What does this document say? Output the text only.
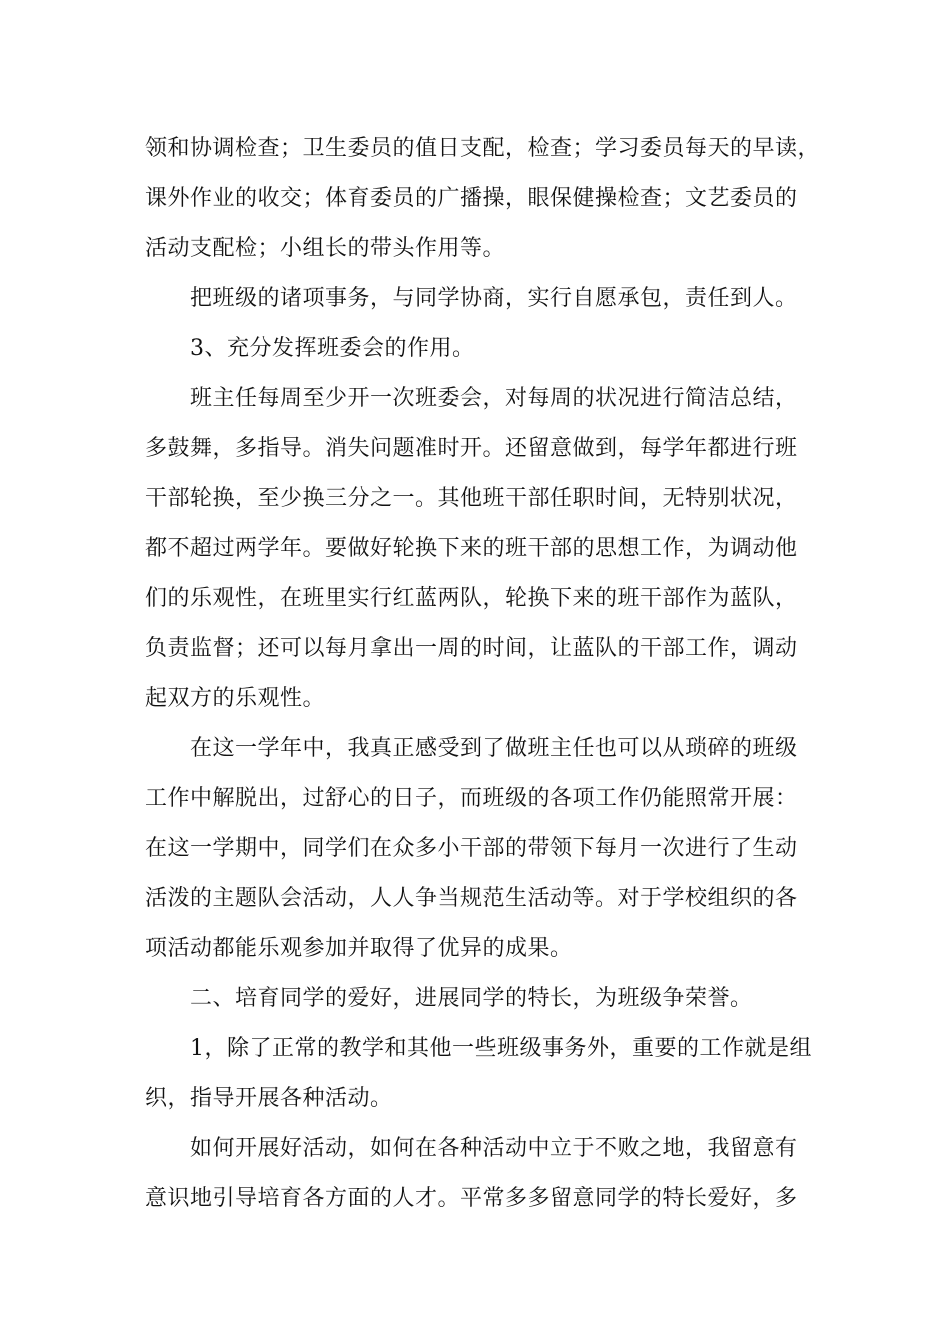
领和协调检查；卫生委员的值日支配，检查；学习委员每天的早读，
课外作业的收交；体育委员的广播操，眼保健操检查；文艺委员的
活动支配检；小组长的带头作用等。
把班级的诸项事务，与同学协商，实行自愿承包，责任到人。
3、充分发挥班委会的作用。
班主任每周至少开一次班委会，对每周的状况进行简洁总结，
多鼓舞，多指导。消失问题准时开。还留意做到，每学年都进行班
干部轮换，至少换三分之一。其他班干部任职时间，无特别状况，
都不超过两学年。要做好轮换下来的班干部的思想工作，为调动他
们的乐观性，在班里实行红蓝两队，轮换下来的班干部作为蓝队，
负责监督；还可以每月拿出一周的时间，让蓝队的干部工作，调动
起双方的乐观性。
在这一学年中，我真正感受到了做班主任也可以从琐碎的班级
工作中解脱出，过舒心的日子，而班级的各项工作仍能照常开展：
在这一学期中，同学们在众多小干部的带领下每月一次进行了生动
活泼的主题队会活动，人人争当规范生活动等。对于学校组织的各
项活动都能乐观参加并取得了优异的成果。
二、培育同学的爱好，进展同学的特长，为班级争荣誉。
1，除了正常的教学和其他一些班级事务外，重要的工作就是组
织，指导开展各种活动。
如何开展好活动，如何在各种活动中立于不败之地，我留意有
意识地引导培育各方面的人才。平常多多留意同学的特长爱好，多
